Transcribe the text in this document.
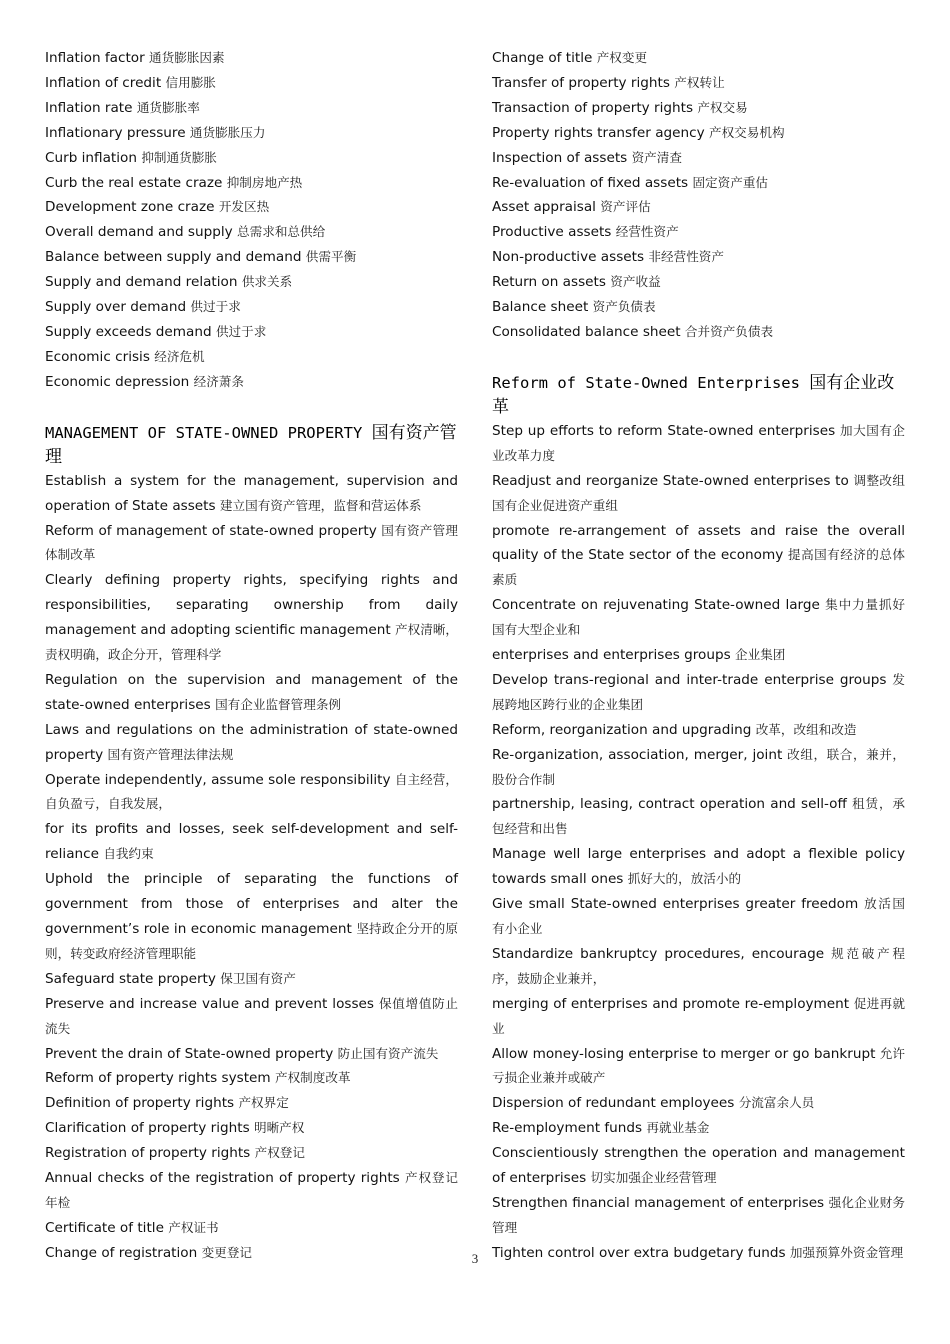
Inflation factor 通货膨胀因素

Inflation of credit 信用膨胀

Inflation rate 通货膨胀率

Inflationary pressure 通货膨胀压力

Curb inflation 抑制通货膨胀

Curb the real estate craze 抑制房地产热

Development zone craze 开发区热

Overall demand and supply 总需求和总供给

Balance between supply and demand 供需平衡

Supply and demand relation 供求关系

Supply over demand 供过于求

Supply exceeds demand 供过于求

Economic crisis 经济危机

Economic depression 经济萧条

MANAGEMENT OF STATE-OWNED PROPERTY 国有资产管理

Establish a system for the management, supervision and operation of State assets 建立国有资产管理，监督和营运体系

Reform of management of state-owned property 国有资产管理体制改革

Clearly defining property rights, specifying rights and responsibilities, separating ownership from daily management and adopting scientific management 产权清晰，责权明确，政企分开，管理科学

Regulation on the supervision and management of the state-owned enterprises 国有企业监督管理条例

Laws and regulations on the administration of state-owned property 国有资产管理法律法规

Operate independently, assume sole responsibility 自主经营，自负盈亏，自我发展，

for its profits and losses, seek self-development and self-reliance 自我约束

Uphold the principle of separating the functions of government from those of enterprises and alter the government’s role in economic management 坚持政企分开的原则，转变政府经济管理职能

Safeguard state property 保卫国有资产

Preserve and increase value and prevent losses 保值增值防止流失

Prevent the drain of State-owned property 防止国有资产流失

Reform of property rights system 产权制度改革

Definition of property rights 产权界定

Clarification of property rights 明晰产权

Registration of property rights 产权登记

Annual checks of the registration of property rights 产权登记年检

Certificate of title 产权证书

Change of registration 变更登记

Change of title 产权变更

Transfer of property rights 产权转让

Transaction of property rights 产权交易

Property rights transfer agency 产权交易机构

Inspection of assets 资产清查

Re-evaluation of fixed assets 固定资产重估

Asset appraisal 资产评估

Productive assets 经营性资产

Non-productive assets 非经营性资产

Return on assets 资产收益

Balance sheet 资产负债表

Consolidated balance sheet 合并资产负债表

Reform of State-Owned Enterprises 国有企业改革

Step up efforts to reform State-owned enterprises 加大国有企业改革力度

Readjust and reorganize State-owned enterprises to 调整改组国有企业促进资产重组

promote re-arrangement of assets and raise the overall quality of the State sector of the economy 提高国有经济的总体素质

Concentrate on rejuvenating State-owned large 集中力量抓好国有大型企业和

enterprises and enterprises groups 企业集团

Develop trans-regional and inter-trade enterprise groups 发展跨地区跨行业的企业集团

Reform, reorganization and upgrading 改革，改组和改造

Re-organization, association, merger, joint 改组，联合，兼并，股份合作制

partnership, leasing, contract operation and sell-off 租赁，承包经营和出售

Manage well large enterprises and adopt a flexible policy towards small ones 抓好大的，放活小的

Give small State-owned enterprises greater freedom 放活国有小企业

Standardize bankruptcy procedures, encourage 规范破产程序，鼓励企业兼并，

merging of enterprises and promote re-employment 促进再就业

Allow money-losing enterprise to merger or go bankrupt 允许亏损企业兼并或破产

Dispersion of redundant employees 分流富余人员

Re-employment funds 再就业基金

Conscientiously strengthen the operation and management of enterprises 切实加强企业经营管理

Strengthen financial management of enterprises 强化企业财务管理

Tighten control over extra budgetary funds 加强预算外资金管理

3
